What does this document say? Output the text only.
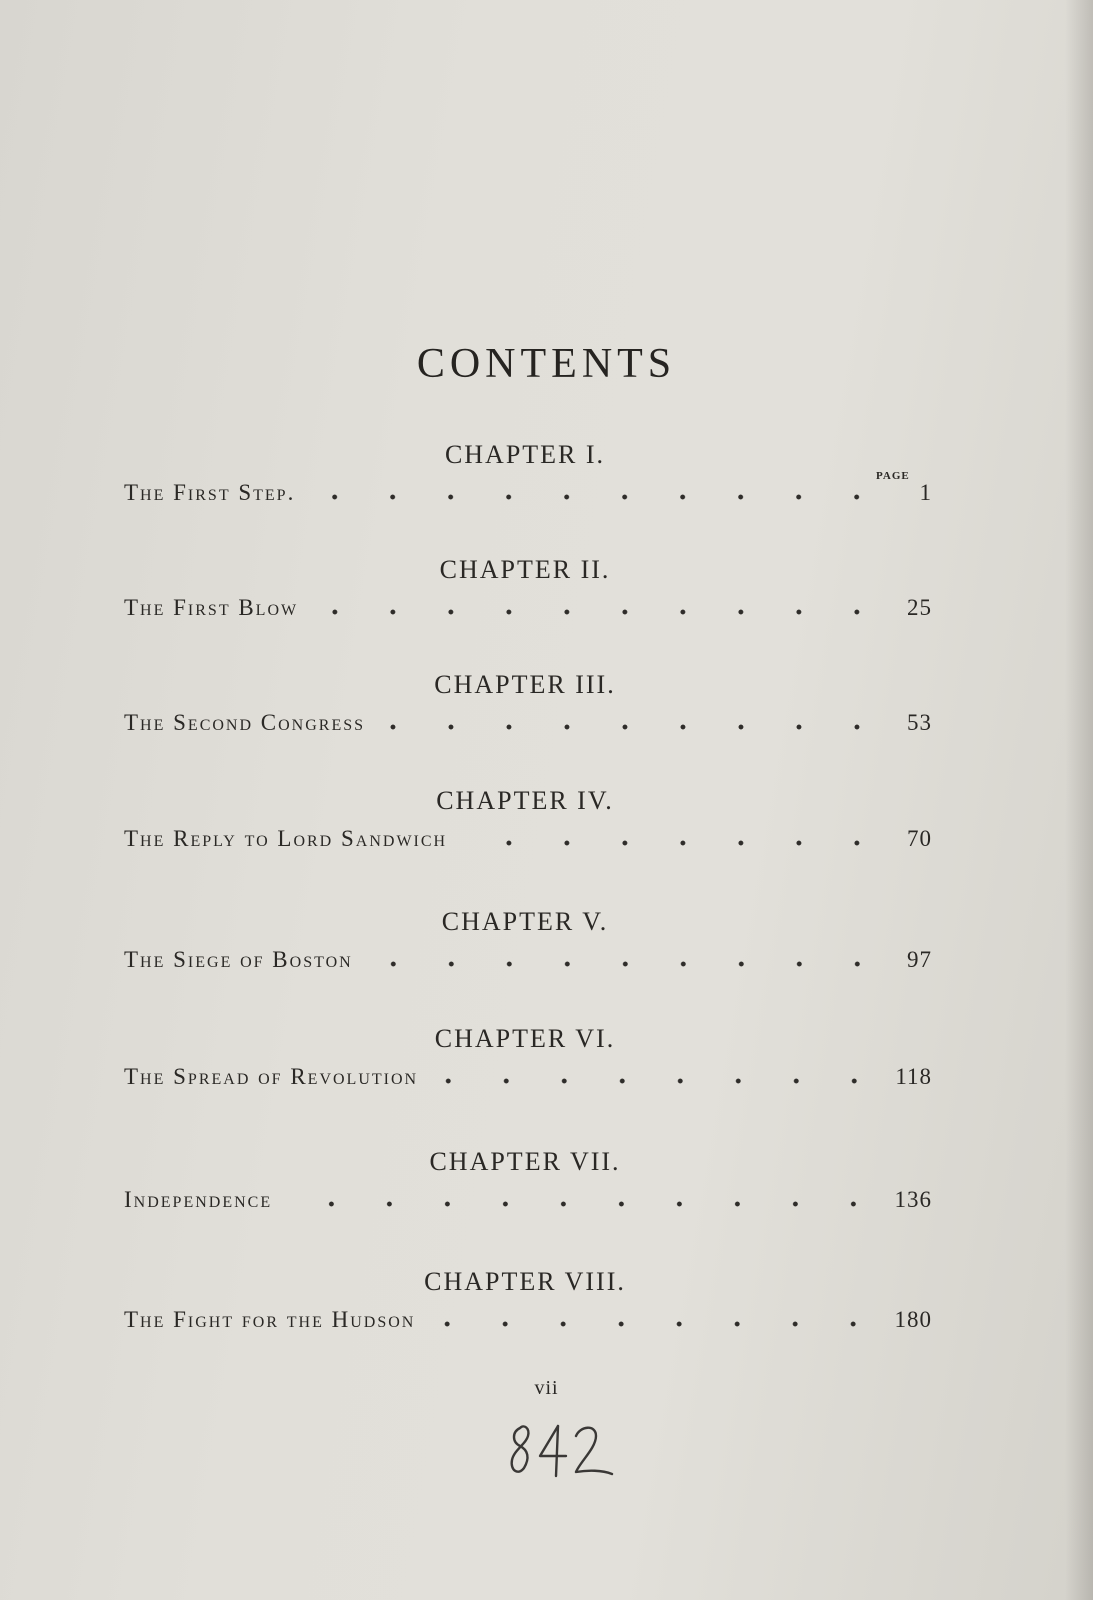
CONTENTS
PAGE
CHAPTER I.
The First Step.	1
CHAPTER II.
The First Blow	25
CHAPTER III.
The Second Congress	53
CHAPTER IV.
The Reply to Lord Sandwich	70
CHAPTER V.
The Siege of Boston	97
CHAPTER VI.
The Spread of Revolution	118
CHAPTER VII.
Independence	136
CHAPTER VIII.
The Fight for the Hudson	180
vii
